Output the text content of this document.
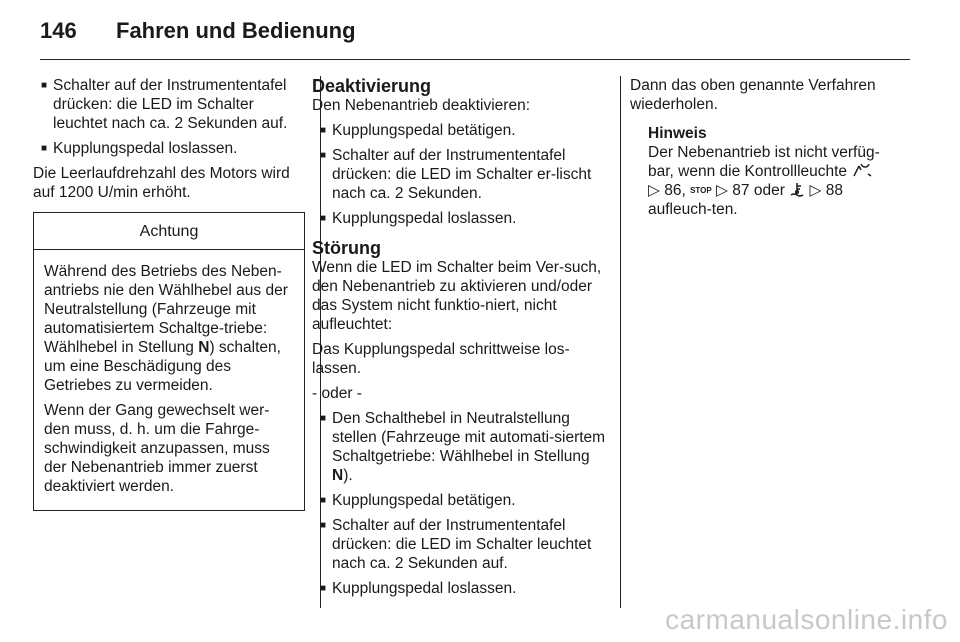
146 Fahren und Bedienung
■ Schalter auf der Instrumententafel drücken: die LED im Schalter leuchtet nach ca. 2 Sekunden auf.
■ Kupplungspedal loslassen.
Die Leerlaufdrehzahl des Motors wird auf 1200 U/min erhöht.
Achtung
Während des Betriebs des Neben-antriebs nie den Wählhebel aus der Neutralstellung (Fahrzeuge mit automatisiertem Schaltge-triebe: Wählhebel in Stellung N) schalten, um eine Beschädigung des Getriebes zu vermeiden.
Wenn der Gang gewechselt wer-den muss, d. h. um die Fahrge-schwindigkeit anzupassen, muss der Nebenantrieb immer zuerst deaktiviert werden.
Deaktivierung
Den Nebenantrieb deaktivieren:
■ Kupplungspedal betätigen.
■ Schalter auf der Instrumententafel drücken: die LED im Schalter er-lischt nach ca. 2 Sekunden.
■ Kupplungspedal loslassen.
Störung
Wenn die LED im Schalter beim Ver-such, den Nebenantrieb zu aktivieren und/oder das System nicht funktio-niert, nicht aufleuchtet:
Das Kupplungspedal schrittweise los-lassen.
- oder -
■ Den Schalthebel in Neutralstellung stellen (Fahrzeuge mit automati-siertem Schaltgetriebe: Wählhebel in Stellung N).
■ Kupplungspedal betätigen.
■ Schalter auf der Instrumententafel drücken: die LED im Schalter leuchtet nach ca. 2 Sekunden auf.
■ Kupplungspedal loslassen.
Dann das oben genannte Verfahren wiederholen.
Hinweis
Der Nebenantrieb ist nicht verfüg-bar, wenn die Kontrollleuchte
▷ 86, STOP ▷ 87 oder  ▷ 88 aufleuch-ten.
carmanualsonline.info
